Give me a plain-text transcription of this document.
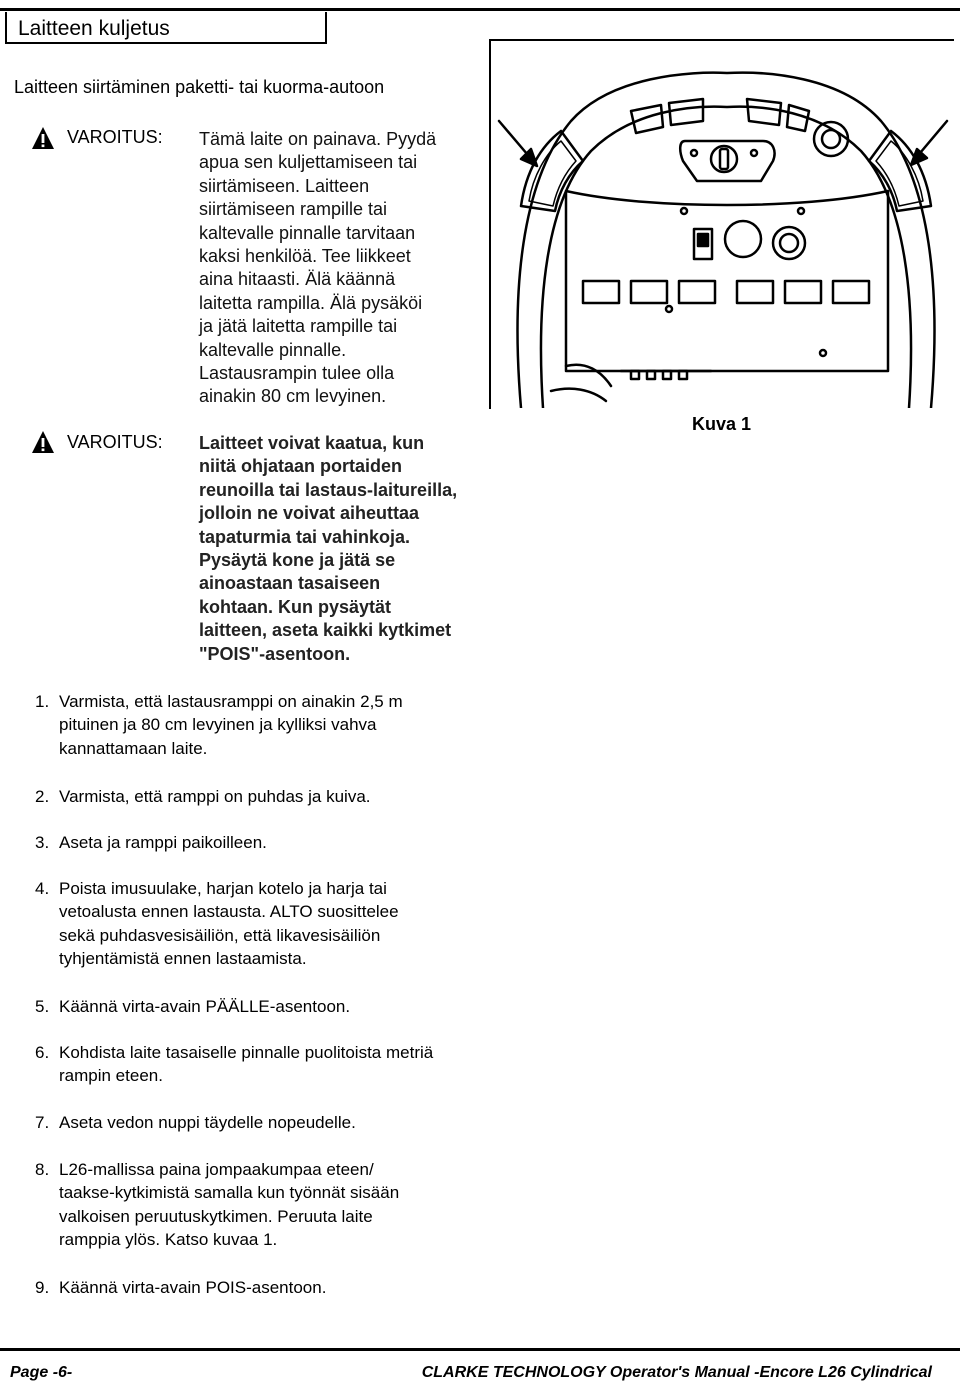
Laitteen kuljetus
Laitteen siirtäminen paketti- tai kuorma-autoon
VAROITUS: Tämä laite on painava. Pyydä
apua sen kuljettamiseen tai
siirtämiseen. Laitteen
siirtämiseen rampille tai
kaltevalle pinnalle tarvitaan
kaksi henkilöä. Tee liikkeet
aina hitaasti. Älä käännä
laitetta rampilla. Älä pysäköi
ja jätä laitetta rampille tai
kaltevalle pinnalle.
Lastausrampin tulee olla
ainakin 80 cm levyinen.
VAROITUS: Laitteet voivat kaatua, kun
niitä ohjataan portaiden
reunoilla tai lastaus-laitureilla,
jolloin ne voivat aiheuttaa
tapaturmia tai vahinkoja.
Pysäytä kone ja jätä se
ainoastaan tasaiseen
kohtaan. Kun pysäytät
laitteen, aseta kaikki kytkimet
"POIS"-asentoon.
Kuva 1
1. Varmista, että lastausramppi on ainakin 2,5 m
pituinen ja 80 cm levyinen ja kylliksi vahva
kannattamaan laite.
2. Varmista, että ramppi on puhdas ja kuiva.
3. Aseta ja ramppi paikoilleen.
4. Poista imusuulake, harjan kotelo ja harja tai
vetoalusta ennen lastausta. ALTO suosittelee
sekä puhdasvesisäiliön, että likavesisäiliön
tyhjentämistä ennen lastaamista.
5. Käännä virta-avain PÄÄLLE-asentoon.
6. Kohdista laite tasaiselle pinnalle puolitoista metriä
rampin eteen.
7. Aseta vedon nuppi täydelle nopeudelle.
8. L26-mallissa paina jompaakumpaa eteen/
taakse-kytkimistä samalla kun työnnät sisään
valkoisen peruutuskytkimen. Peruuta laite
ramppia ylös. Katso kuvaa 1.
9. Käännä virta-avain POIS-asentoon.
Page -6-	CLARKE TECHNOLOGY Operator's Manual -Encore L26 Cylindrical
